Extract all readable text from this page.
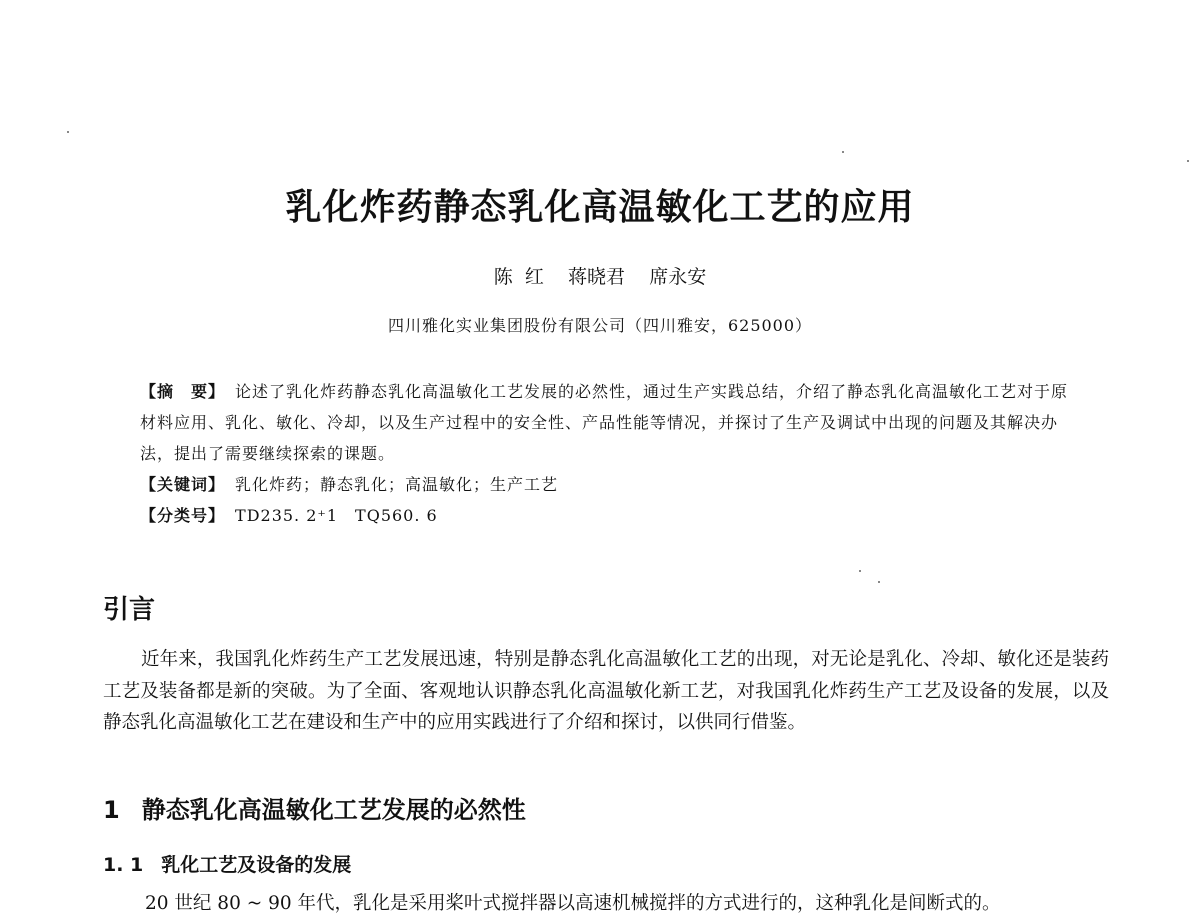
乳化炸药静态乳化高温敏化工艺的应用
陈  红    蒋晓君    席永安
四川雅化实业集团股份有限公司（四川雅安，625000）

【摘　要】 论述了乳化炸药静态乳化高温敏化工艺发展的必然性，通过生产实践总结，介绍了静态乳化高温敏化工艺对于原材料应用、乳化、敏化、冷却，以及生产过程中的安全性、产品性能等情况，并探讨了生产及调试中出现的问题及其解决办法，提出了需要继续探索的课题。

【关键词】 乳化炸药；静态乳化；高温敏化；生产工艺

【分类号】 TD235. 2⁺1　TQ560. 6

引言

近年来，我国乳化炸药生产工艺发展迅速，特别是静态乳化高温敏化工艺的出现，对无论是乳化、冷却、敏化还是装药工艺及装备都是新的突破。为了全面、客观地认识静态乳化高温敏化新工艺，对我国乳化炸药生产工艺及设备的发展，以及静态乳化高温敏化工艺在建设和生产中的应用实践进行了介绍和探讨，以供同行借鉴。

1 静态乳化高温敏化工艺发展的必然性
1. 1 乳化工艺及设备的发展

20 世纪 80 ~ 90 年代，乳化是采用桨叶式搅拌器以高速机械搅拌的方式进行的，这种乳化是间断式的。
